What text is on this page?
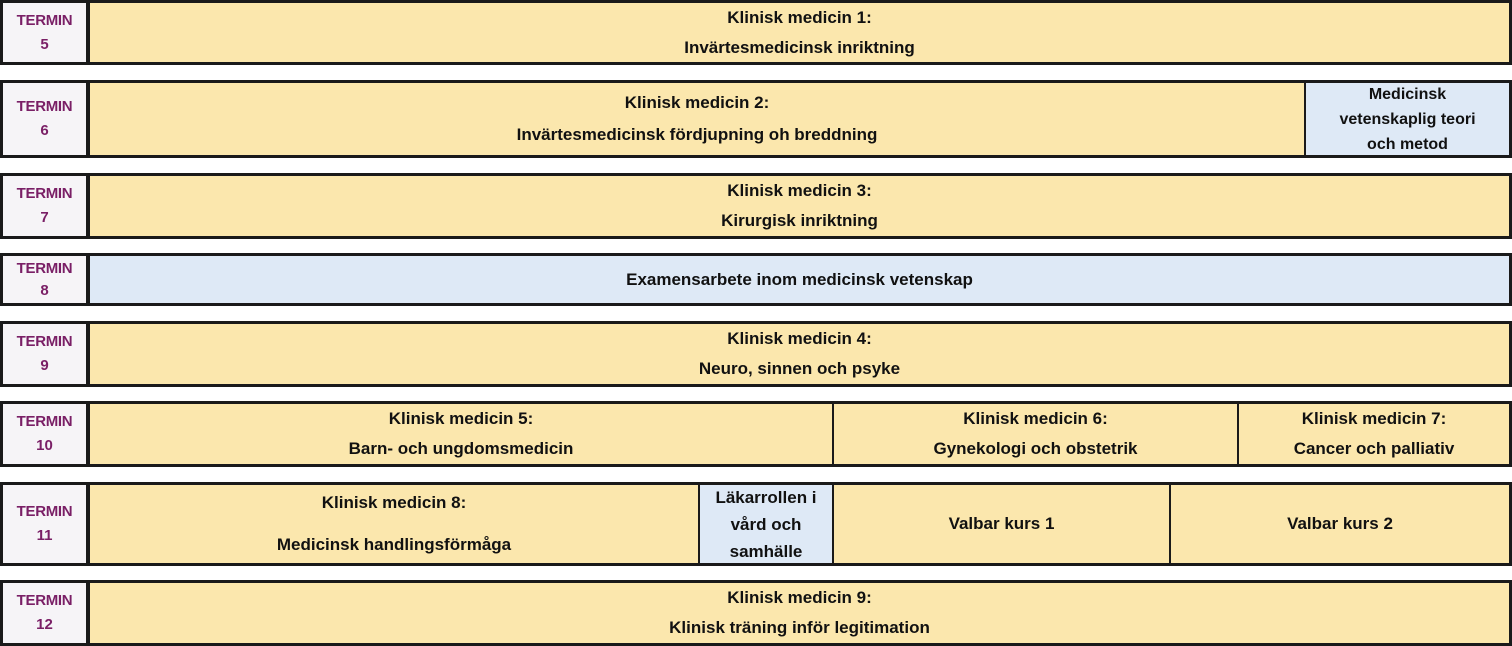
TERMIN
5
Klinisk medicin 1:
Invärtesmedicinsk inriktning
TERMIN
6
Klinisk medicin 2:
Invärtesmedicinsk fördjupning oh breddning
Medicinsk
vetenskaplig teori
och metod
TERMIN
7
Klinisk medicin 3:
Kirurgisk inriktning
TERMIN
8
Examensarbete inom medicinsk vetenskap
TERMIN
9
Klinisk medicin 4:
Neuro, sinnen och psyke
TERMIN
10
Klinisk medicin 5:
Barn- och ungdomsmedicin
Klinisk medicin 6:
Gynekologi och obstetrik
Klinisk medicin 7:
Cancer och palliativ
TERMIN
11
Klinisk medicin 8:
Medicinsk handlingsförmåga
Läkarrollen i
vård och
samhälle
Valbar kurs 1	Valbar kurs 2
TERMIN
12
Klinisk medicin 9:
Klinisk träning inför legitimation
